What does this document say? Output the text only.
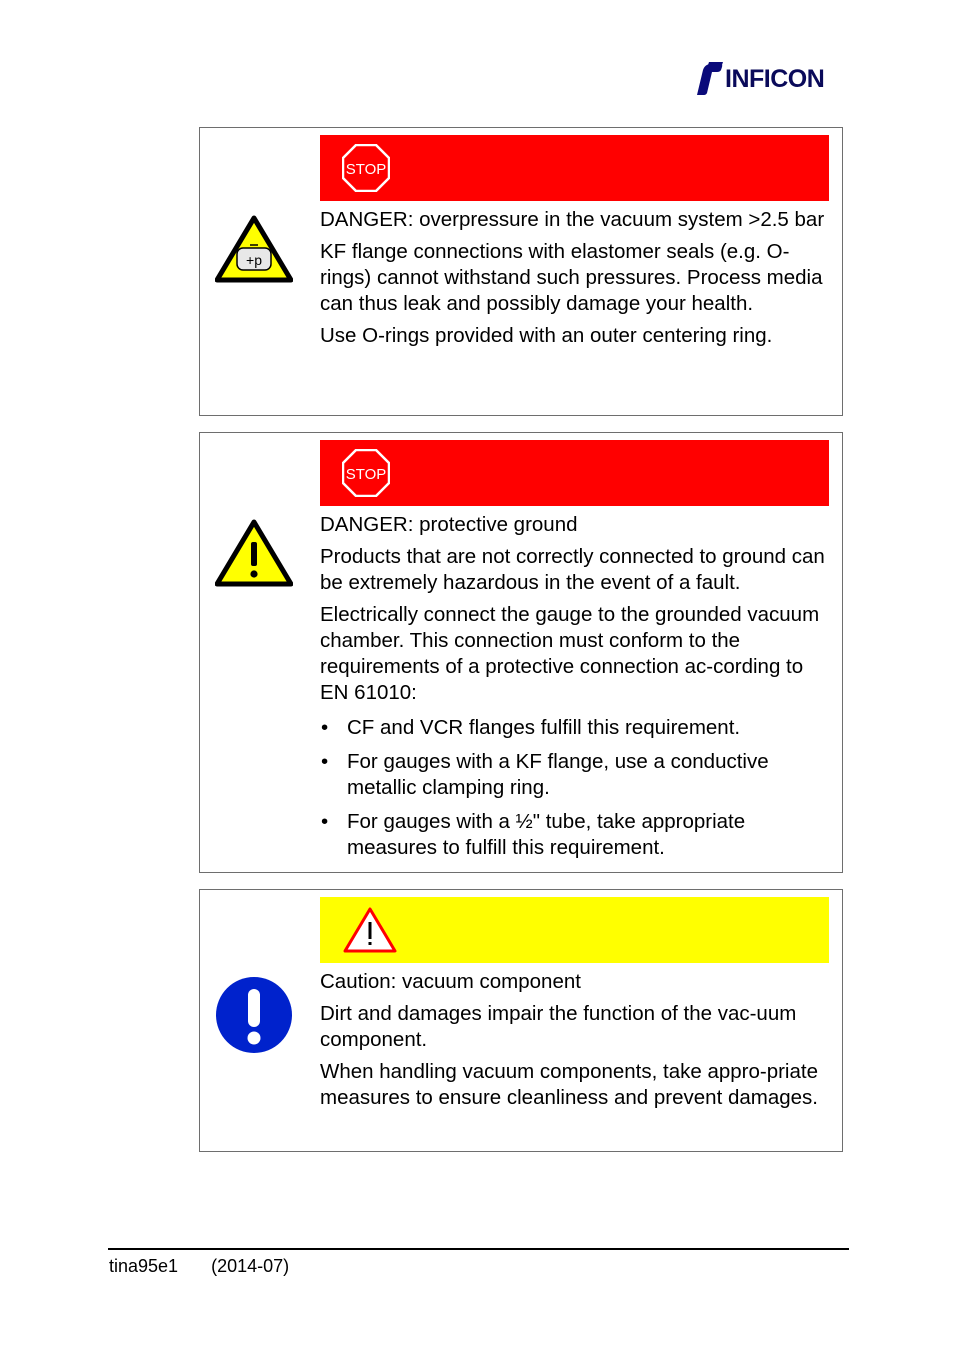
INFICON
STOP
+p

DANGER: overpressure in the vacuum system >2.5 bar

KF flange connections with elastomer seals (e.g. O-rings) cannot withstand such pressures. Process media can thus leak and possibly damage your health.

Use O-rings provided with an outer centering ring.

STOP

DANGER: protective ground

Products that are not correctly connected to ground can be extremely hazardous in the event of a fault.

Electrically connect the gauge to the grounded vacuum chamber. This connection must conform to the requirements of a protective connection ac-cording to EN 61010:

• CF and VCR flanges fulfill this requirement.
• For gauges with a KF flange, use a conductive metallic clamping ring.
• For gauges with a ½" tube, take appropriate measures to fulfill this requirement.

Caution: vacuum component

Dirt and damages impair the function of the vac-uum component.

When handling vacuum components, take appro-priate measures to ensure cleanliness and prevent damages.

tina95e1 (2014-07)
